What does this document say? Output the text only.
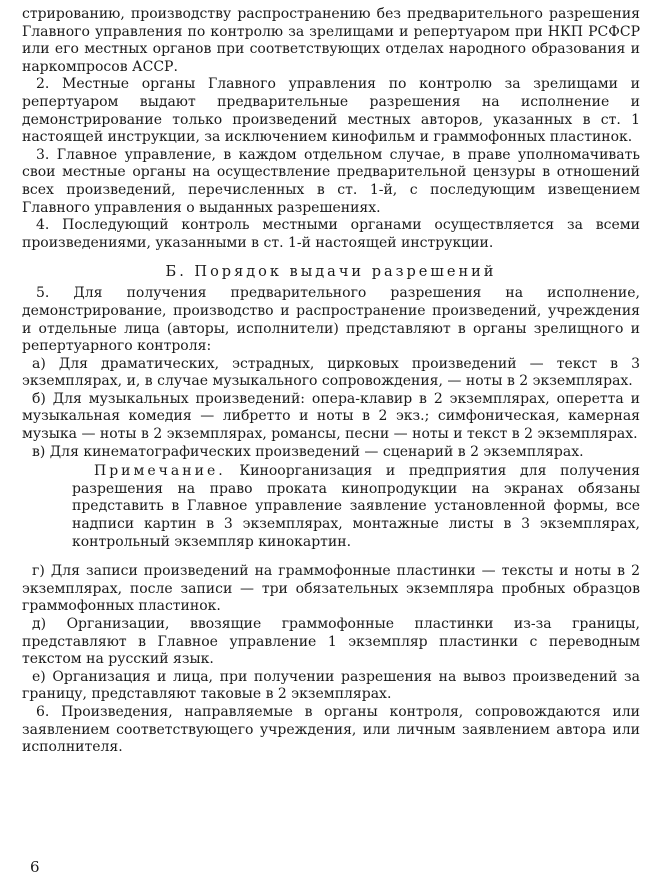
стрированию, производству распространению без предварительного разрешения Главного управления по контролю за зрелищами и репертуаром при НКП РСФСР или его местных органов при соответствующих отделах народного образования и наркомпросов АССР.

2. Местные органы Главного управления по контролю за зрелищами и репертуаром выдают предварительные разрешения на исполнение и демонстрирование только произведений местных авторов, указанных в ст. 1 настоящей инструкции, за исключением кинофильм и граммофонных пластинок.

3. Главное управление, в каждом отдельном случае, в праве уполномачивать свои местные органы на осуществление предварительной цензуры в отношений всех произведений, перечисленных в ст. 1-й, с последующим извещением Главного управления о выданных разрешениях.

4. Последующий контроль местными органами осуществляется за всеми произведениями, указанными в ст. 1-й настоящей инструкции.

Б. Порядок выдачи разрешений

5. Для получения предварительного разрешения на исполнение, демонстрирование, производство и распространение произведений, учреждения и отдельные лица (авторы, исполнители) представляют в органы зрелищного и репертуарного контроля:

а) Для драматических, эстрадных, цирковых произведений — текст в 3 экземплярах, и, в случае музыкального сопровождения, — ноты в 2 экземплярах.

б) Для музыкальных произведений: опера-клавир в 2 экземплярах, оперетта и музыкальная комедия — либретто и ноты в 2 экз.; симфоническая, камерная музыка — ноты в 2 экземплярах, романсы, песни — ноты и текст в 2 экземплярах.

в) Для кинематографических произведений — сценарий в 2 экземплярах.

Примечание. Киноорганизация и предприятия для получения разрешения на право проката кинопродукции на экранах обязаны представить в Главное управление заявление установленной формы, все надписи картин в 3 экземплярах, монтажные листы в 3 экземплярах, контрольный экземпляр кинокартин.

г) Для записи произведений на граммофонные пластинки — тексты и ноты в 2 экземплярах, после записи — три обязательных экземпляра пробных образцов граммофонных пластинок.

д) Организации, ввозящие граммофонные пластинки из-за границы, представляют в Главное управление 1 экземпляр пластинки с переводным текстом на русский язык.

е) Организация и лица, при получении разрешения на вывоз произведений за границу, представляют таковые в 2 экземплярах.

6. Произведения, направляемые в органы контроля, сопровождаются или заявлением соответствующего учреждения, или личным заявлением автора или исполнителя.

6
